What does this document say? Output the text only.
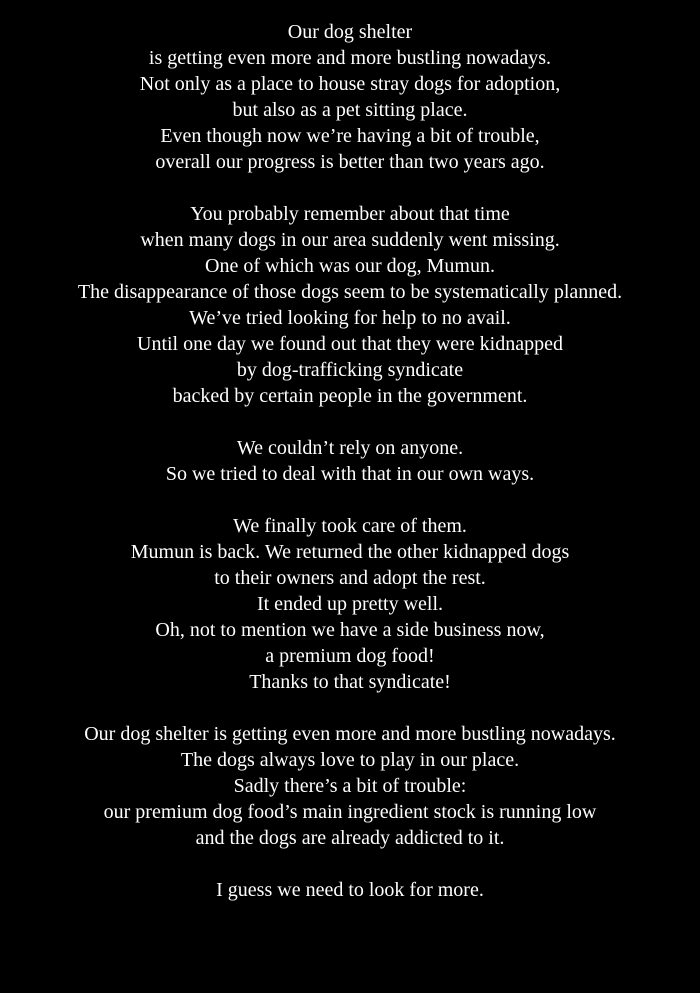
Our dog shelter
is getting even more and more bustling nowadays.
Not only as a place to house stray dogs for adoption,
but also as a pet sitting place.
Even though now we’re having a bit of trouble,
overall our progress is better than two years ago.
You probably remember about that time
when many dogs in our area suddenly went missing.
One of which was our dog, Mumun.
The disappearance of those dogs seem to be systematically planned.
We’ve tried looking for help to no avail.
Until one day we found out that they were kidnapped
by dog-trafficking syndicate
backed by certain people in the government.
We couldn’t rely on anyone.
So we tried to deal with that in our own ways.
We finally took care of them.
Mumun is back. We returned the other kidnapped dogs
to their owners and adopt the rest.
It ended up pretty well.
Oh, not to mention we have a side business now,
a premium dog food!
Thanks to that syndicate!
Our dog shelter is getting even more and more bustling nowadays.
The dogs always love to play in our place.
Sadly there’s a bit of trouble:
our premium dog food’s main ingredient stock is running low
and the dogs are already addicted to it.
I guess we need to look for more.
